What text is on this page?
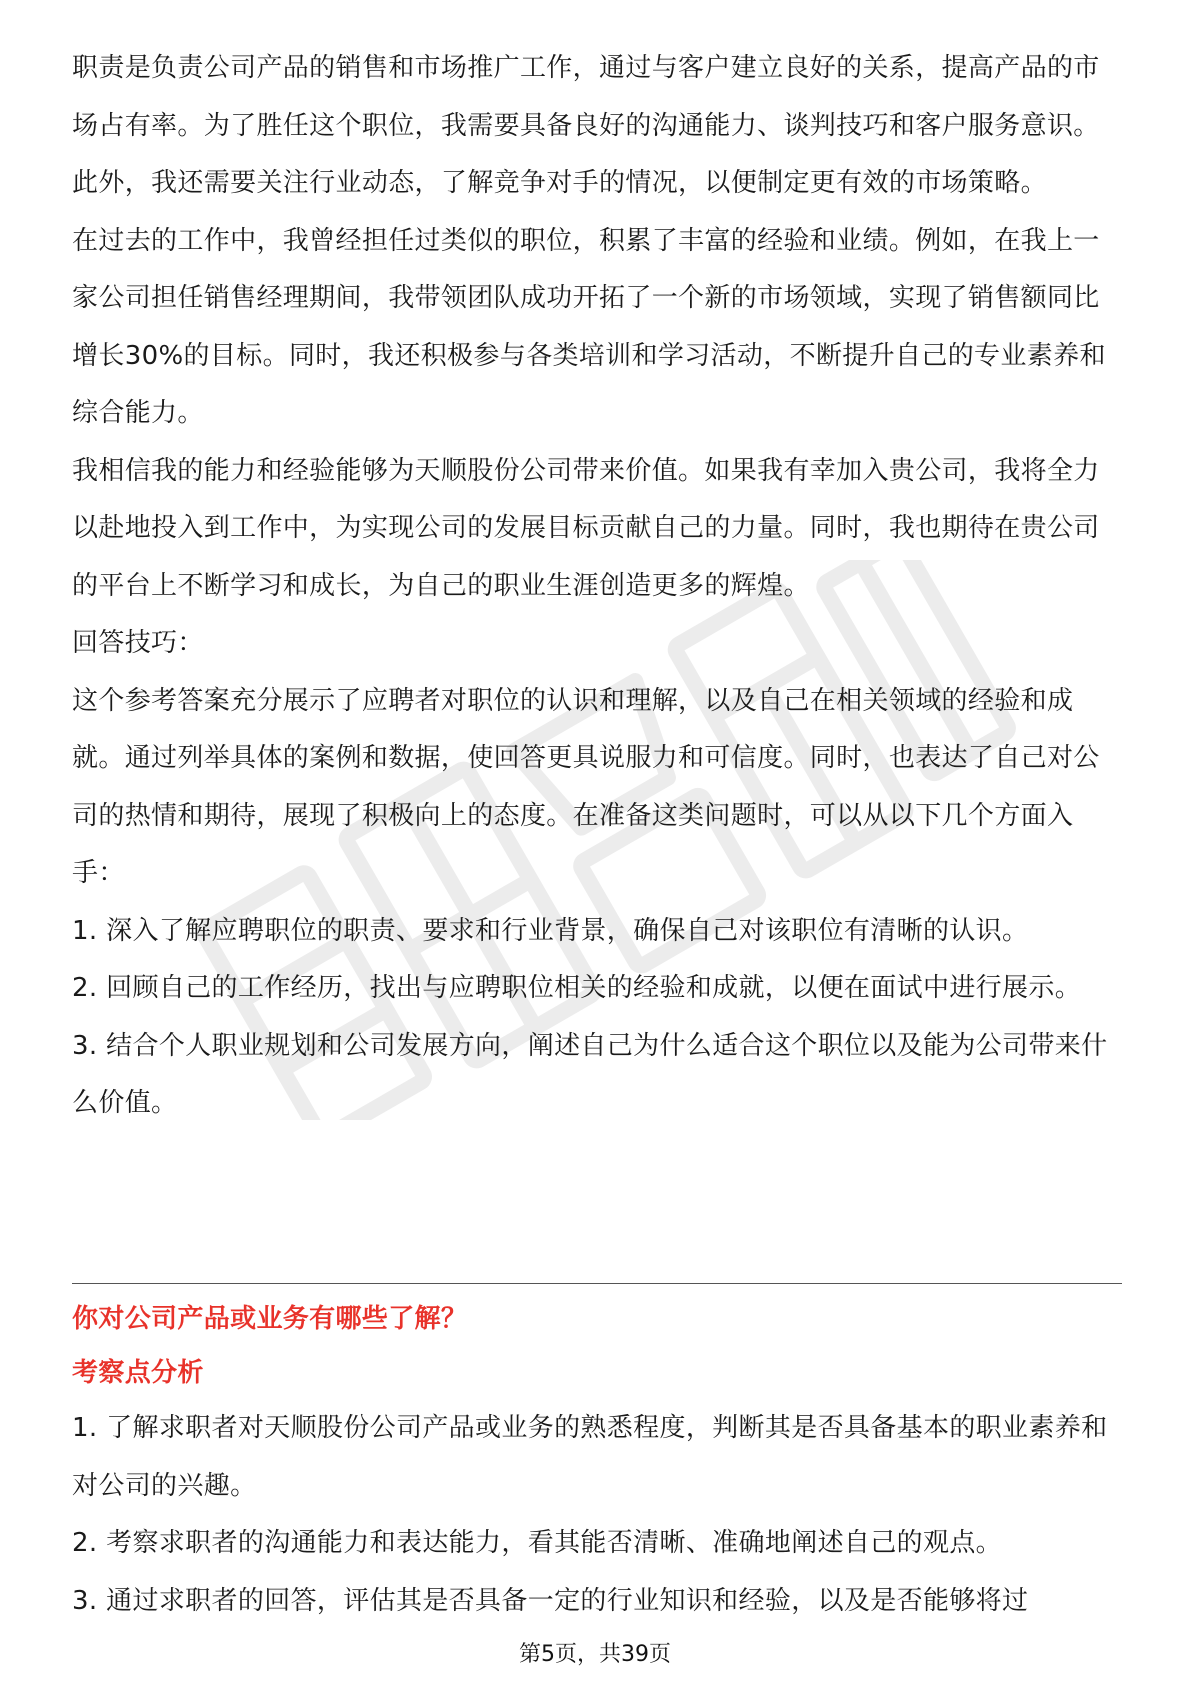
职责是负责公司产品的销售和市场推广工作，通过与客户建立良好的关系，提高产品的市场占有率。为了胜任这个职位，我需要具备良好的沟通能力、谈判技巧和客户服务意识。此外，我还需要关注行业动态，了解竞争对手的情况，以便制定更有效的市场策略。

在过去的工作中，我曾经担任过类似的职位，积累了丰富的经验和业绩。例如，在我上一家公司担任销售经理期间，我带领团队成功开拓了一个新的市场领域，实现了销售额同比增长30%的目标。同时，我还积极参与各类培训和学习活动，不断提升自己的专业素养和综合能力。

我相信我的能力和经验能够为天顺股份公司带来价值。如果我有幸加入贵公司，我将全力以赴地投入到工作中，为实现公司的发展目标贡献自己的力量。同时，我也期待在贵公司的平台上不断学习和成长，为自己的职业生涯创造更多的辉煌。

回答技巧：

这个参考答案充分展示了应聘者对职位的认识和理解，以及自己在相关领域的经验和成就。通过列举具体的案例和数据，使回答更具说服力和可信度。同时，也表达了自己对公司的热情和期待，展现了积极向上的态度。在准备这类问题时，可以从以下几个方面入手：

1. 深入了解应聘职位的职责、要求和行业背景，确保自己对该职位有清晰的认识。

2. 回顾自己的工作经历，找出与应聘职位相关的经验和成就，以便在面试中进行展示。

3. 结合个人职业规划和公司发展方向，阐述自己为什么适合这个职位以及能为公司带来什么价值。

你对公司产品或业务有哪些了解？

考察点分析

1. 了解求职者对天顺股份公司产品或业务的熟悉程度，判断其是否具备基本的职业素养和对公司的兴趣。

2. 考察求职者的沟通能力和表达能力，看其能否清晰、准确地阐述自己的观点。

3. 通过求职者的回答，评估其是否具备一定的行业知识和经验，以及是否能够将过

第5页，共39页
